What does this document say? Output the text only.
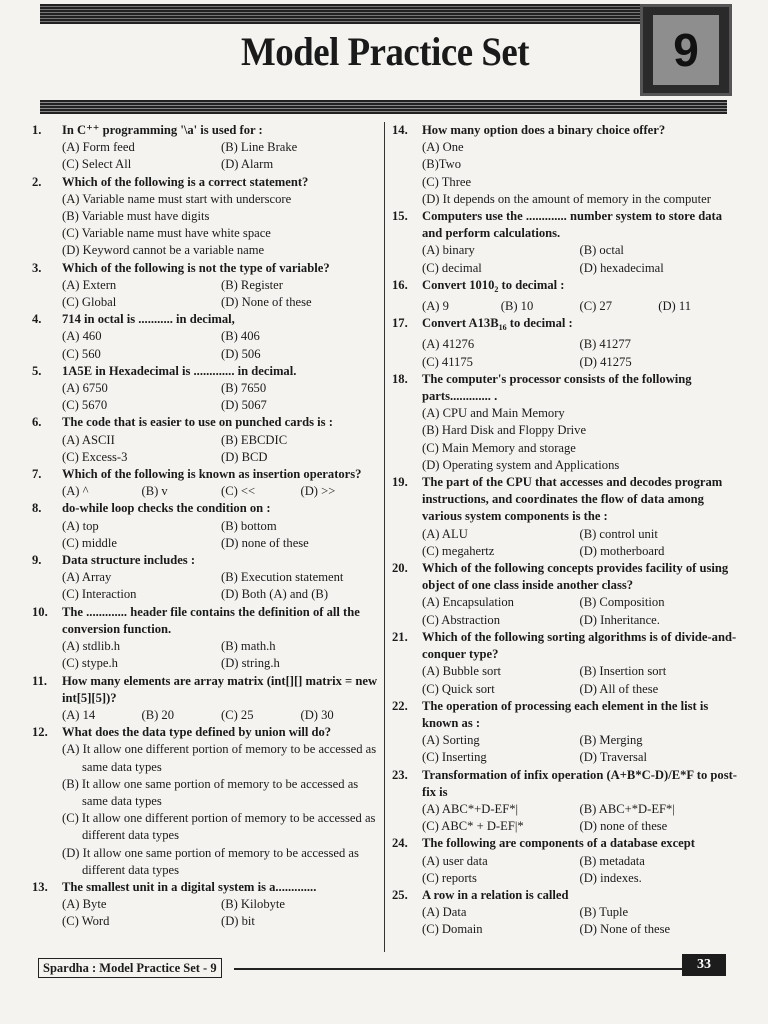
Model Practice Set	9
1.	In C⁺⁺ programming '\a' is used for :
(A) Form feed	(B) Line Brake
(C) Select All	(D) Alarm
2.	Which of the following is a correct statement?
(A) Variable name must start with underscore
(B) Variable must have digits
(C) Variable name must have white space
(D) Keyword cannot be a variable name
3.	Which of the following is not the type of variable?
(A) Extern	(B) Register
(C) Global	(D) None of these
4.	714 in octal is ........... in decimal,
(A) 460	(B) 406
(C) 560	(D) 506
5.	1A5E in Hexadecimal is ............. in decimal.
(A) 6750	(B) 7650
(C) 5670	(D) 5067
6.	The code that is easier to use on punched cards is :
(A) ASCII	(B) EBCDIC
(C) Excess-3	(D) BCD
7.	Which of the following is known as insertion operators?
(A) ^	(B) v	(C) <<	(D) >>
8.	do-while loop checks the condition on :
(A) top	(B) bottom
(C) middle	(D) none of these
9.	Data structure includes :
(A) Array	(B) Execution statement
(C) Interaction	(D) Both (A) and (B)
10.	The ............. header file contains the definition of all the conversion function.
(A) stdlib.h	(B) math.h
(C) stype.h	(D) string.h
11.	How many elements are array matrix (int[][] matrix = new int[5][5])?
(A) 14	(B) 20	(C) 25	(D) 30
12.	What does the data type defined by union will do?
(A) It allow one different portion of memory to be accessed as same data types
(B) It allow one same portion of memory to be accessed as same data types
(C) It allow one different portion of memory to be accessed as different data types
(D) It allow one same portion of memory to be accessed as different data types
13.	The smallest unit in a digital system is a.............
(A) Byte	(B) Kilobyte
(C) Word	(D) bit
14.	How many option does a binary choice offer?
(A) One
(B)Two
(C) Three
(D) It depends on the amount of memory in the computer
15.	Computers use the ............. number system to store data and perform calculations.
(A) binary	(B) octal
(C) decimal	(D) hexadecimal
16.	Convert $1010_2$ to decimal :
(A) 9	(B) 10	(C) 27	(D) 11
17.	Convert $A13B_{16}$ to decimal :
(A) 41276	(B) 41277
(C) 41175	(D) 41275
18.	The computer's processor consists of the following parts............. .
(A) CPU and Main Memory
(B) Hard Disk and Floppy Drive
(C) Main Memory and storage
(D) Operating system and Applications
19.	The part of the CPU that accesses and decodes program instructions, and coordinates the flow of data among various system components is the :
(A) ALU	(B) control unit
(C) megahertz	(D) motherboard
20.	Which of the following concepts provides facility of using object of one class inside another class?
(A) Encapsulation	(B) Composition
(C) Abstraction	(D) Inheritance.
21.	Which of the following sorting algorithms is of divide-and-conquer type?
(A) Bubble sort	(B) Insertion sort
(C) Quick sort	(D) All of these
22.	The operation of processing each element in the list is known as :
(A) Sorting	(B) Merging
(C) Inserting	(D) Traversal
23.	Transformation of infix operation (A+B*C-D)/E*F to post-fix is
(A) ABC*+D-EF*|	(B) ABC+*D-EF*|
(C) ABC* + D-EF|*	(D) none of these
24.	The following are components of a database except
(A) user data	(B) metadata
(C) reports	(D) indexes.
25.	A row in a relation is called
(A) Data	(B) Tuple
(C) Domain	(D) None of these
Spardha : Model Practice Set - 9	33
